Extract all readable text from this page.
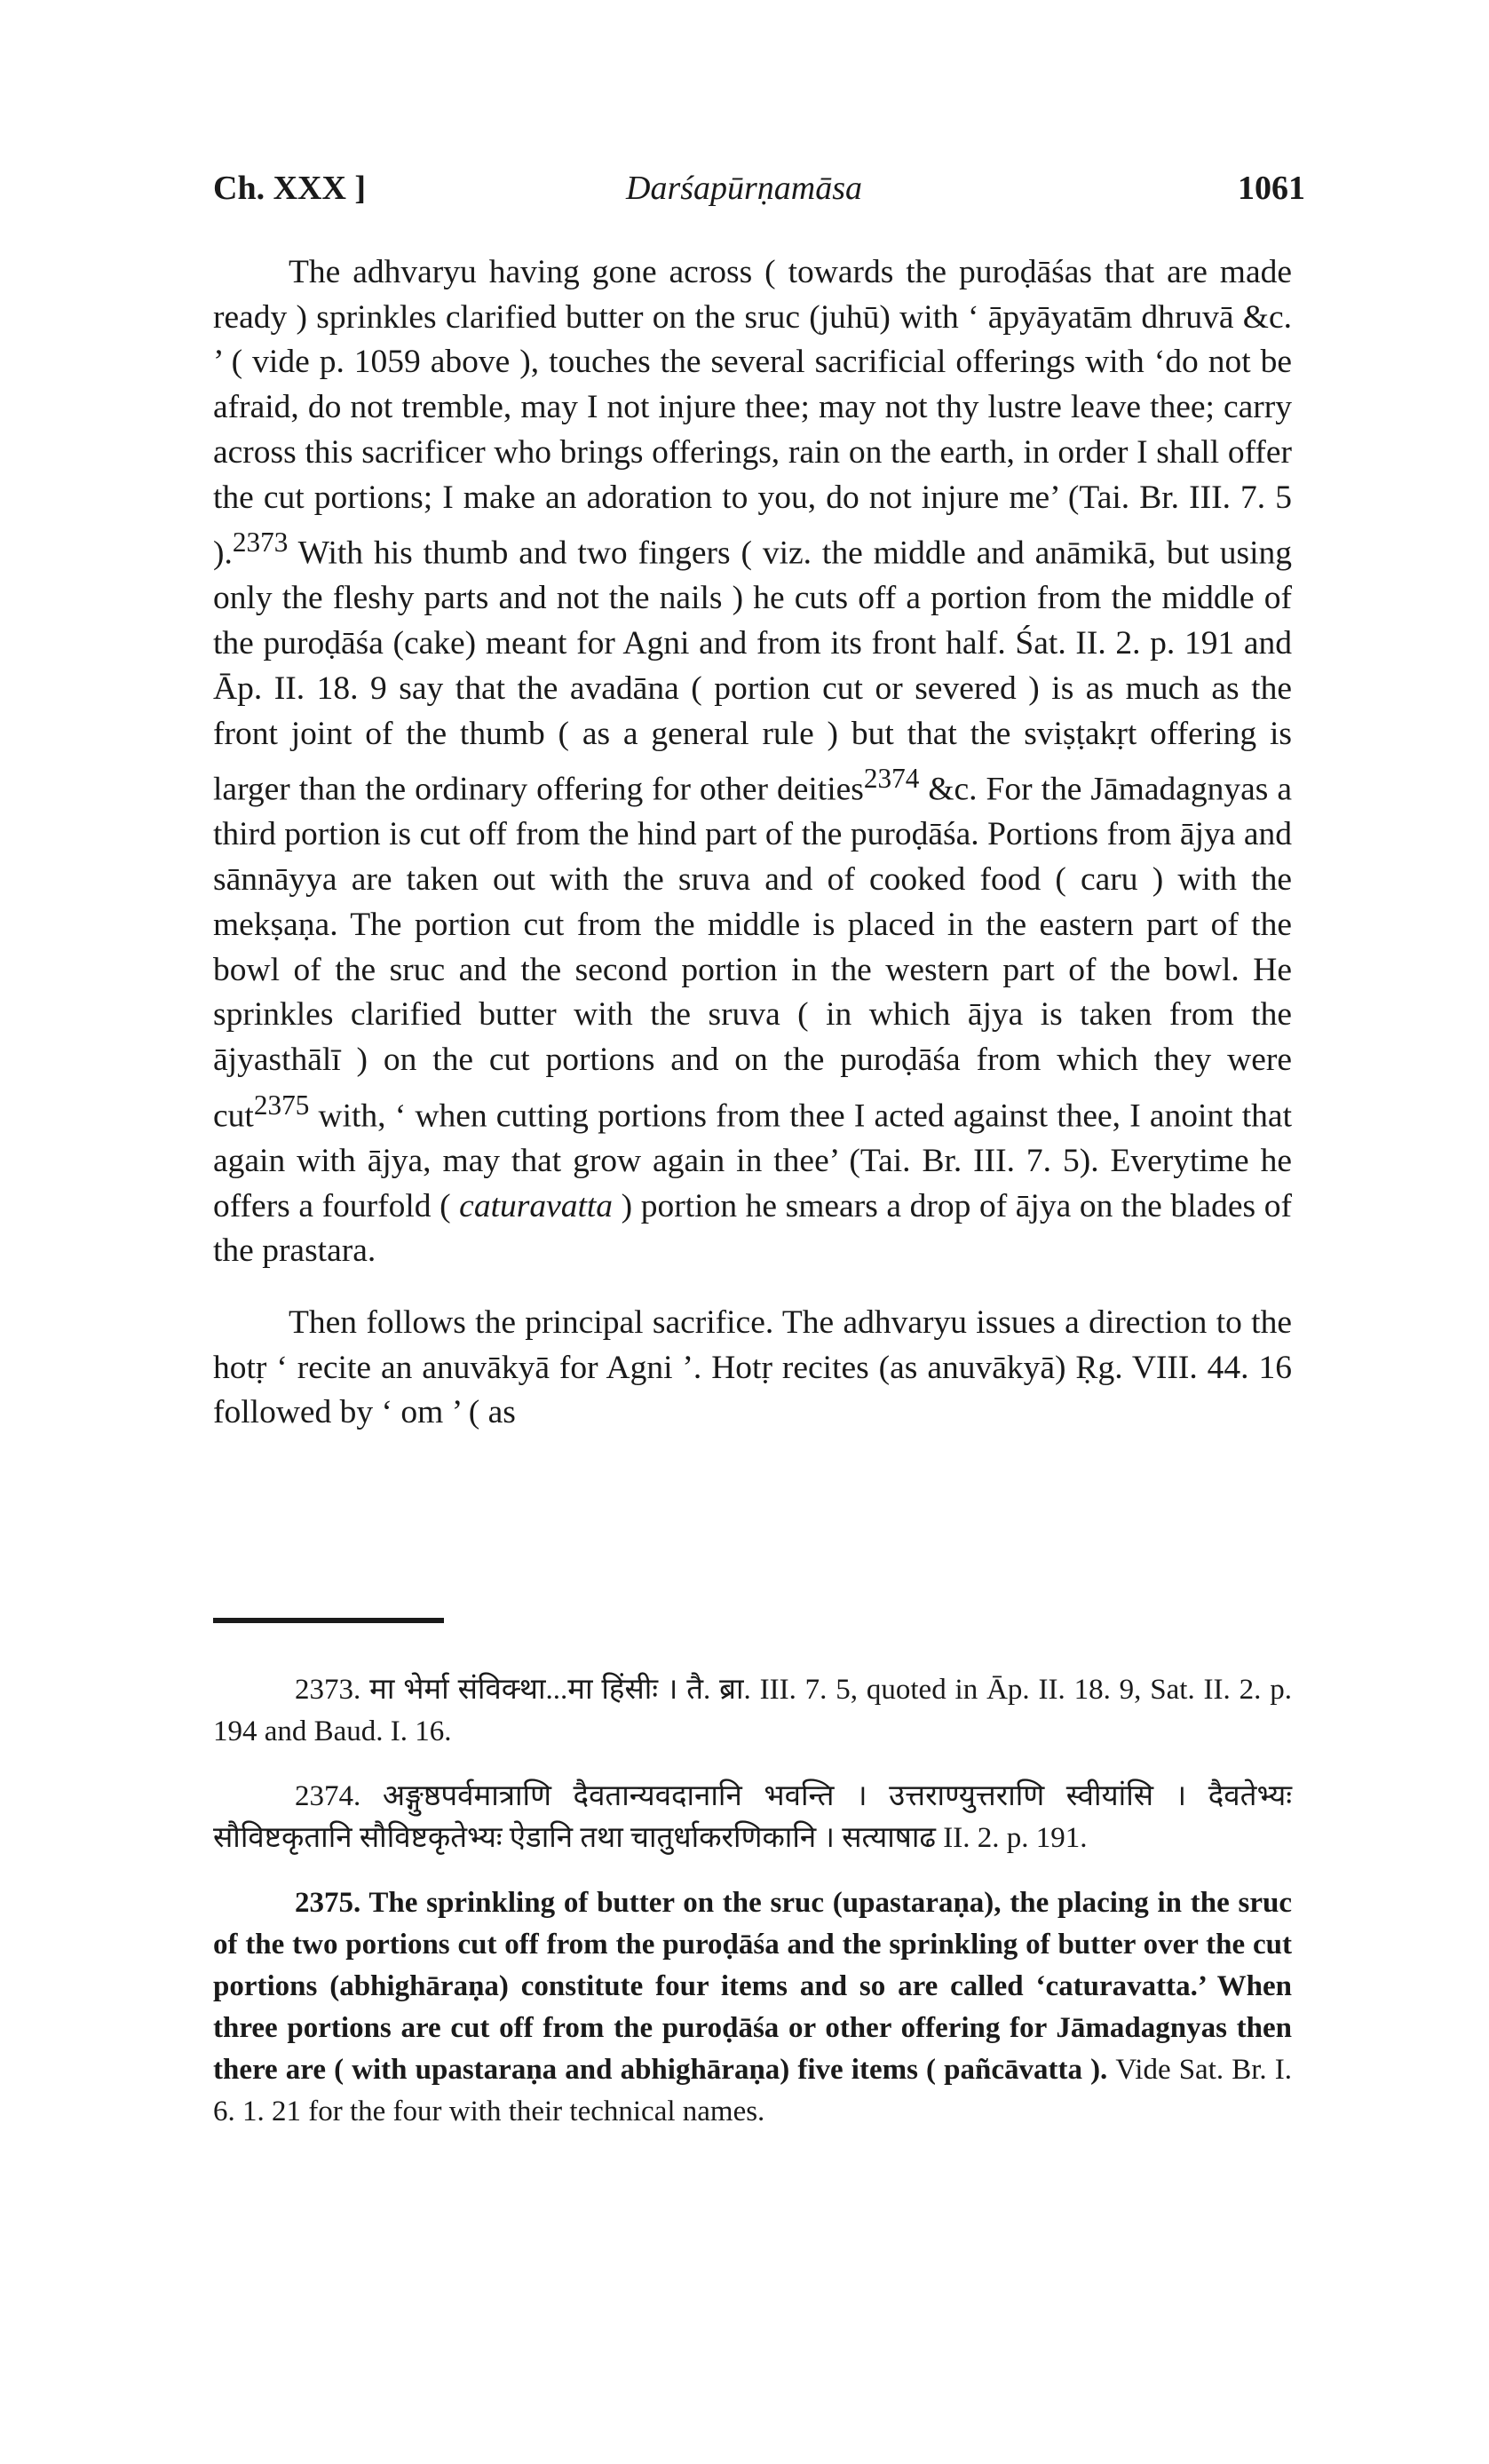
Ch. XXX ]	Darśapūrṇamāsa	1061

The adhvaryu having gone across ( towards the puroḍāśas that are made ready ) sprinkles clarified butter on the sruc (juhū) with ‘ āpyāyatām dhruvā &c. ’ ( vide p. 1059 above ), touches the several sacrificial offerings with ‘do not be afraid, do not tremble, may I not injure thee; may not thy lustre leave thee; carry across this sacrificer who brings offerings, rain on the earth, in order I shall offer the cut portions; I make an adoration to you, do not injure me’ (Tai. Br. III. 7. 5 ).$^{2373}$ With his thumb and two fingers ( viz. the middle and anāmikā, but using only the fleshy parts and not the nails ) he cuts off a portion from the middle of the puroḍāśa (cake) meant for Agni and from its front half. Śat. II. 2. p. 191 and Āp. II. 18. 9 say that the avadāna ( portion cut or severed ) is as much as the front joint of the thumb ( as a general rule ) but that the sviṣṭakṛt offering is larger than the ordinary offering for other deities$^{2374}$ &c. For the Jāmadagnyas a third portion is cut off from the hind part of the puroḍāśa. Portions from ājya and sānnāyya are taken out with the sruva and of cooked food ( caru ) with the mekṣaṇa. The portion cut from the middle is placed in the eastern part of the bowl of the sruc and the second portion in the western part of the bowl. He sprinkles clarified butter with the sruva ( in which ājya is taken from the ājyasthālī ) on the cut portions and on the puroḍāśa from which they were cut$^{2375}$ with, ‘ when cutting portions from thee I acted against thee, I anoint that again with ājya, may that grow again in thee’ (Tai. Br. III. 7. 5). Everytime he offers a fourfold ( caturavatta ) portion he smears a drop of ājya on the blades of the prastara.

Then follows the principal sacrifice. The adhvaryu issues a direction to the hotṛ ‘ recite an anuvākyā for Agni ’. Hotṛ recites (as anuvākyā) Ṛg. VIII. 44. 16 followed by ‘ om ’ ( as

2373. मा भेर्मा संविक्था...मा हिंसीः । तै. ब्रा. III. 7. 5, quoted in Āp. II. 18. 9, Sat. II. 2. p. 194 and Baud. I. 16.

2374. अङ्गुष्ठपर्वमात्राणि दैवतान्यवदानानि भवन्ति । उत्तराण्युत्तराणि स्वीयांसि । दैवतेभ्यः सौविष्टकृतानि सौविष्टकृतेभ्यः ऐडानि तथा चातुर्धाकरणिकानि । सत्याषाढ II. 2. p. 191.

2375. The sprinkling of butter on the sruc (upastaraṇa), the placing in the sruc of the two portions cut off from the puroḍāśa and the sprinkling of butter over the cut portions (abhighāraṇa) constitute four items and so are called ‘caturavatta.’ When three portions are cut off from the puroḍāśa or other offering for Jāmadagnyas then there are ( with upastaraṇa and abhighāraṇa) five items ( pañcāvatta ). Vide Sat. Br. I. 6. 1. 21 for the four with their technical names.
